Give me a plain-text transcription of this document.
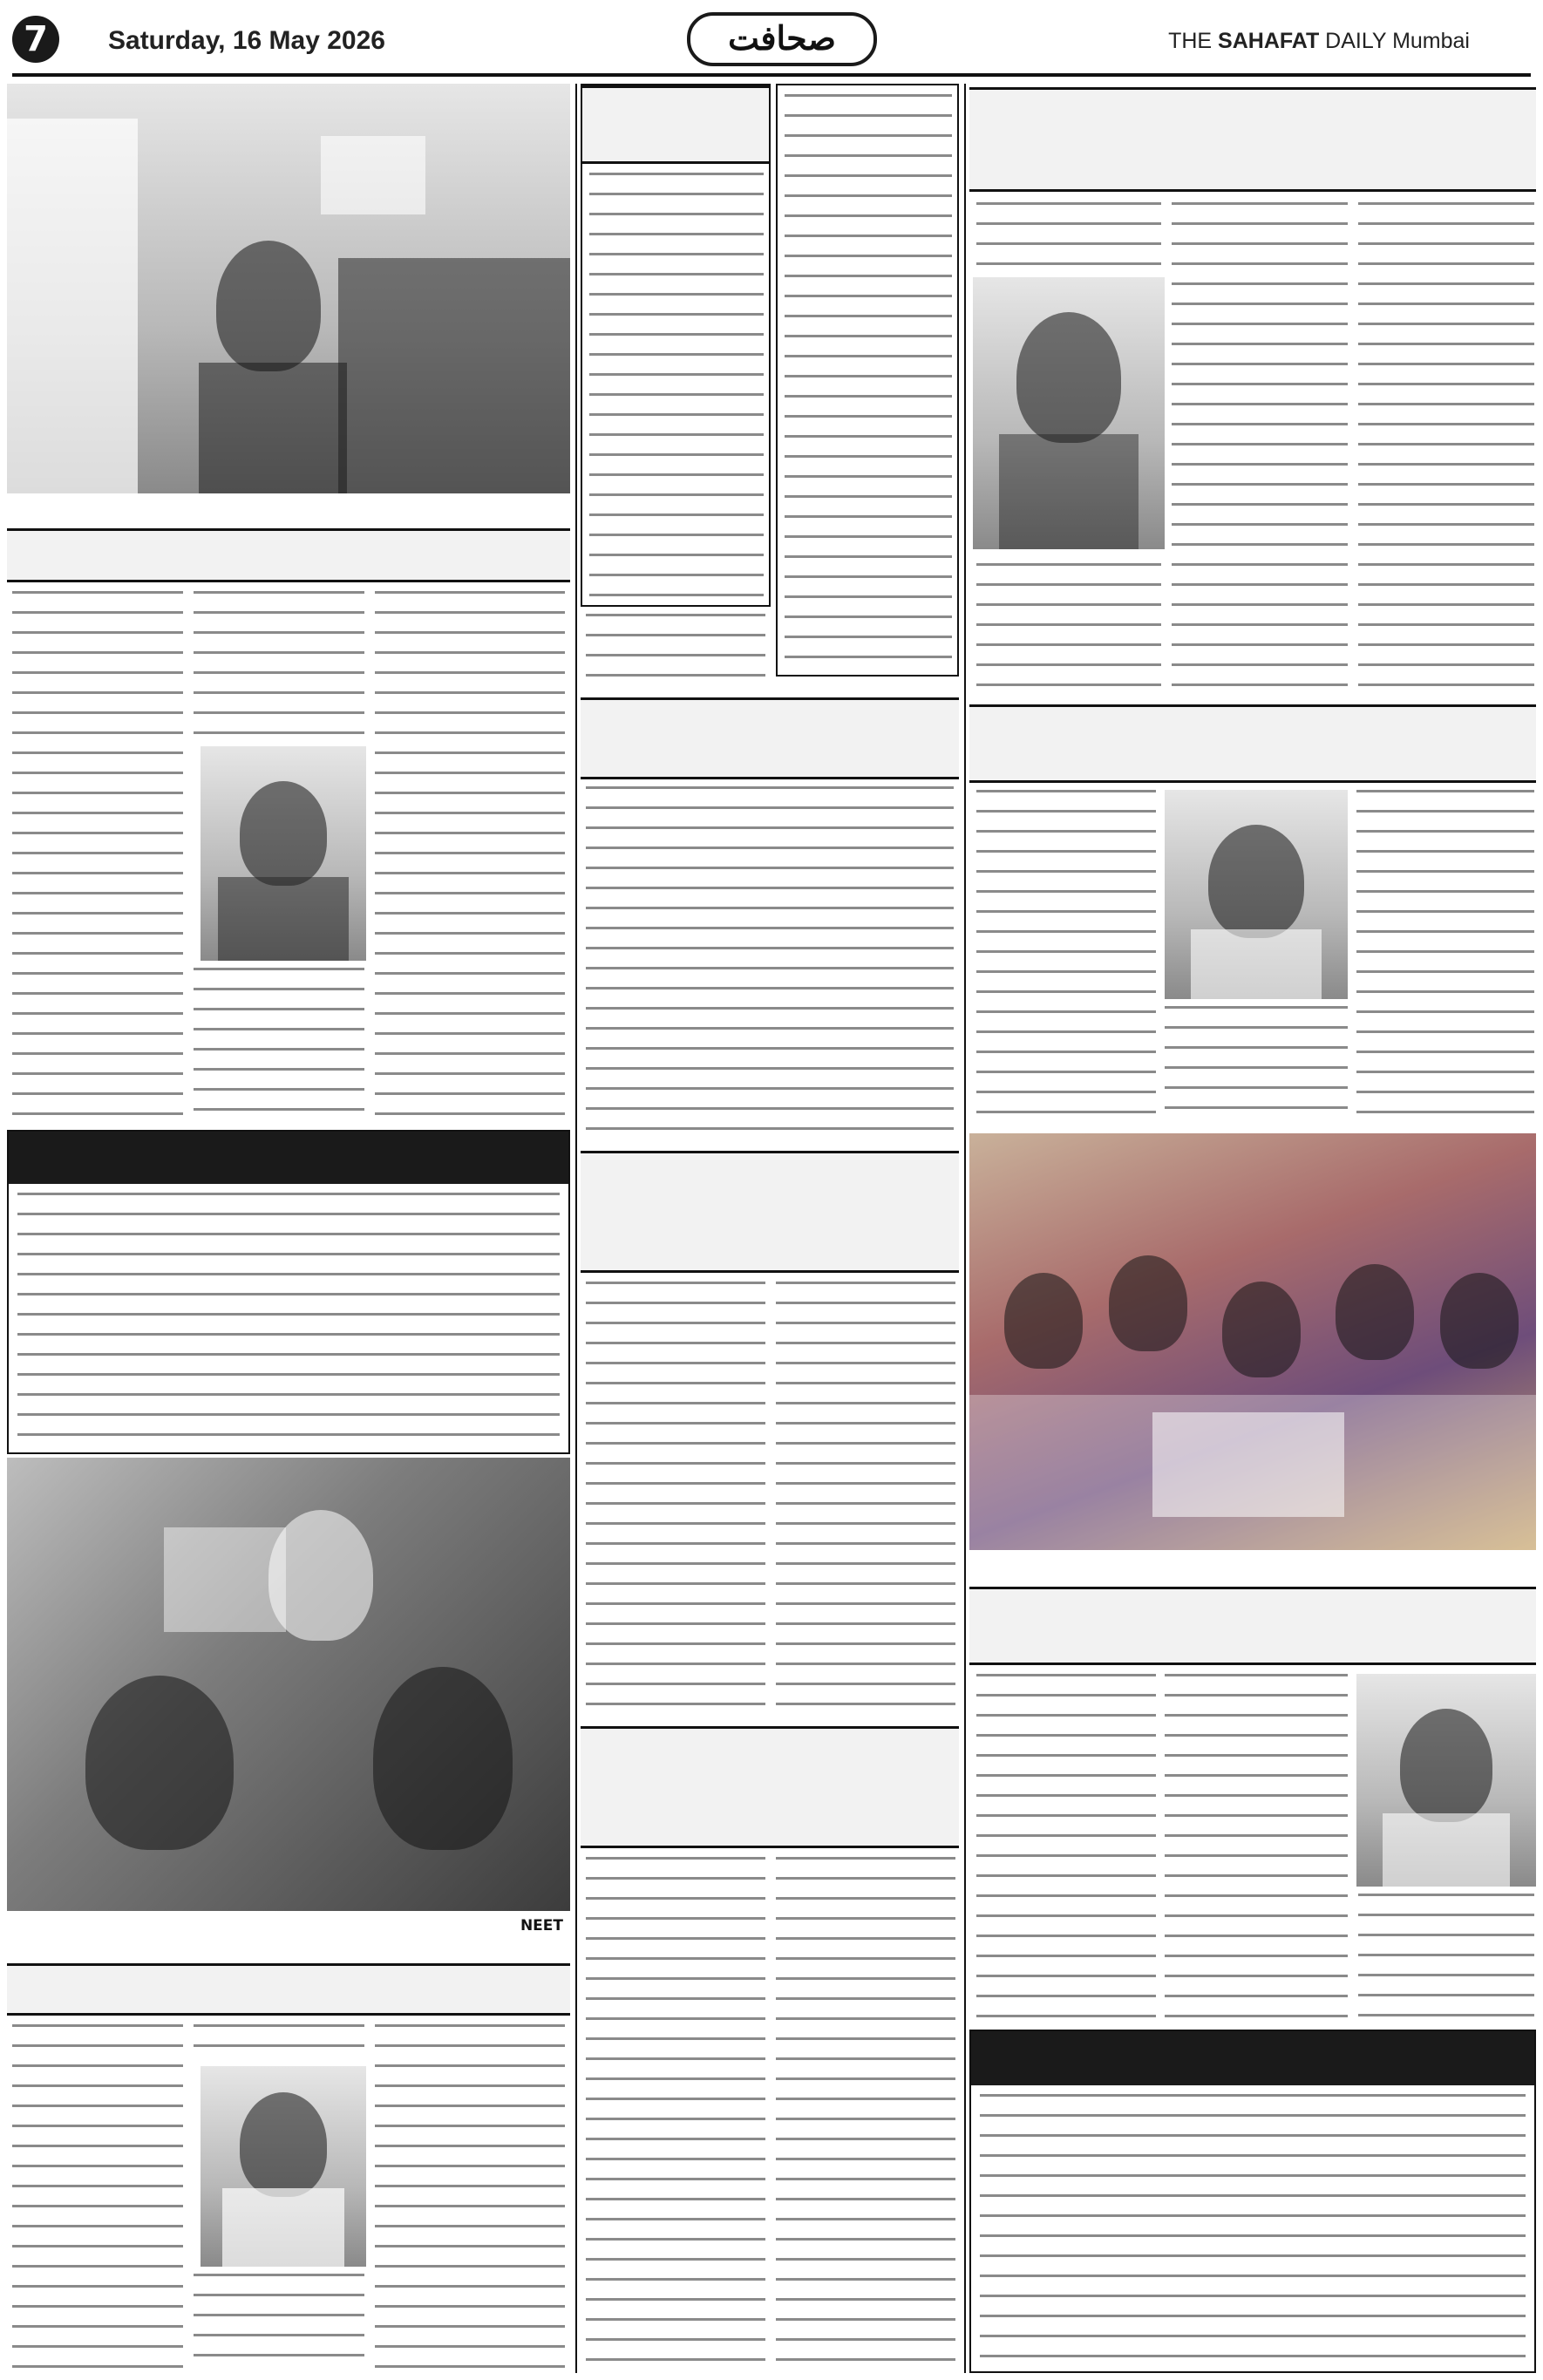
7	Saturday, 16 May 2026	صحافت	THE SAHAFAT DAILY Mumbai
NEET
